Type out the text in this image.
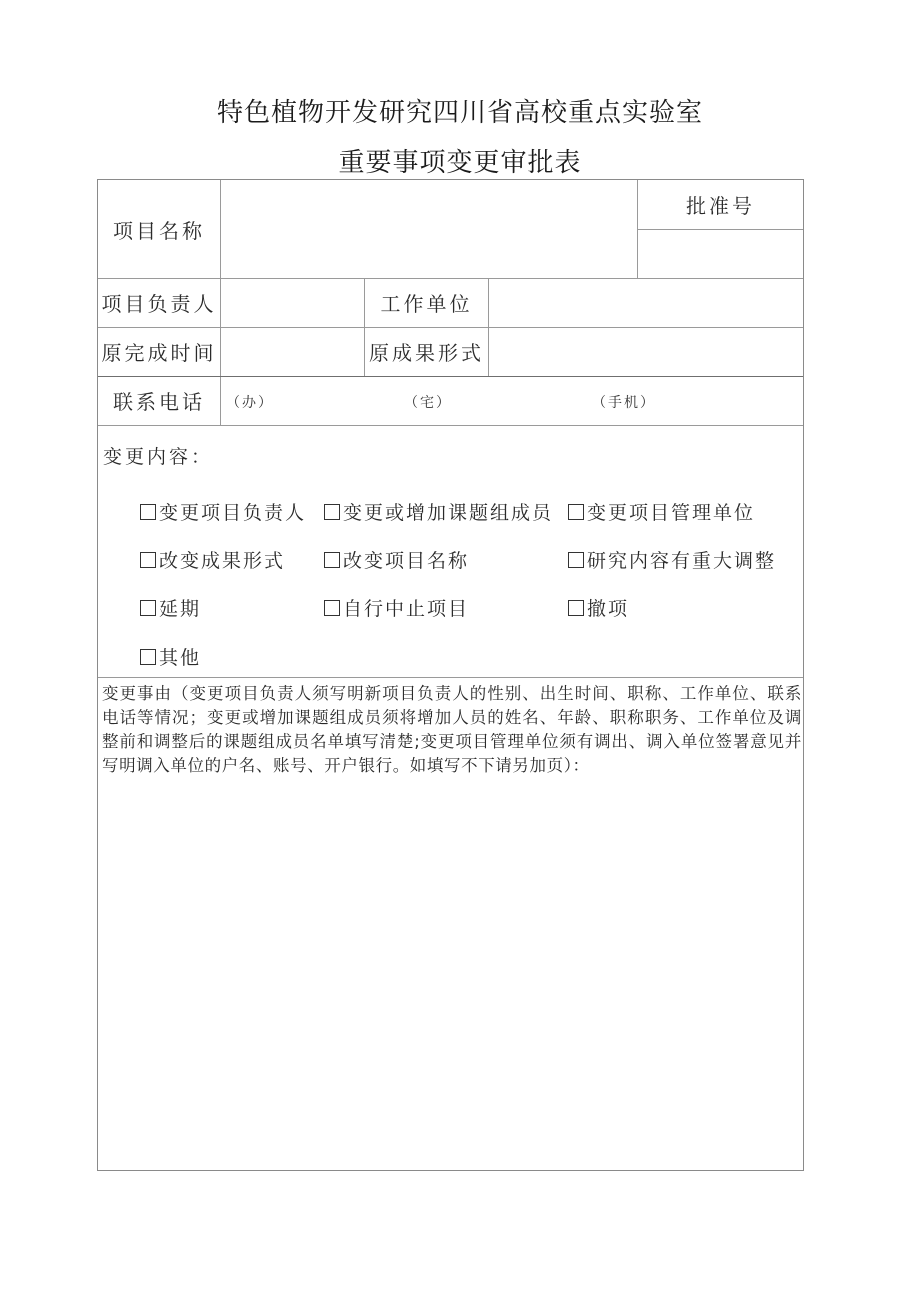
特色植物开发研究四川省高校重点实验室
重要事项变更审批表
项目名称
批准号
项目负责人	工作单位
原完成时间	原成果形式
联系电话	（办）	（宅）	（手机）
变更内容：
变更项目负责人 变更或增加课题组成员 变更项目管理单位
改变成果形式	改变项目名称	研究内容有重大调整
延期	自行中止项目	撤项
其他
变更事由（变更项目负责人须写明新项目负责人的性别、出生时间、职称、工作单位、联系电话等情况；变更或增加课题组成员须将增加人员的姓名、年龄、职称职务、工作单位及调整前和调整后的课题组成员名单填写清楚;变更项目管理单位须有调出、调入单位签署意见并写明调入单位的户名、账号、开户银行。如填写不下请另加页）：
